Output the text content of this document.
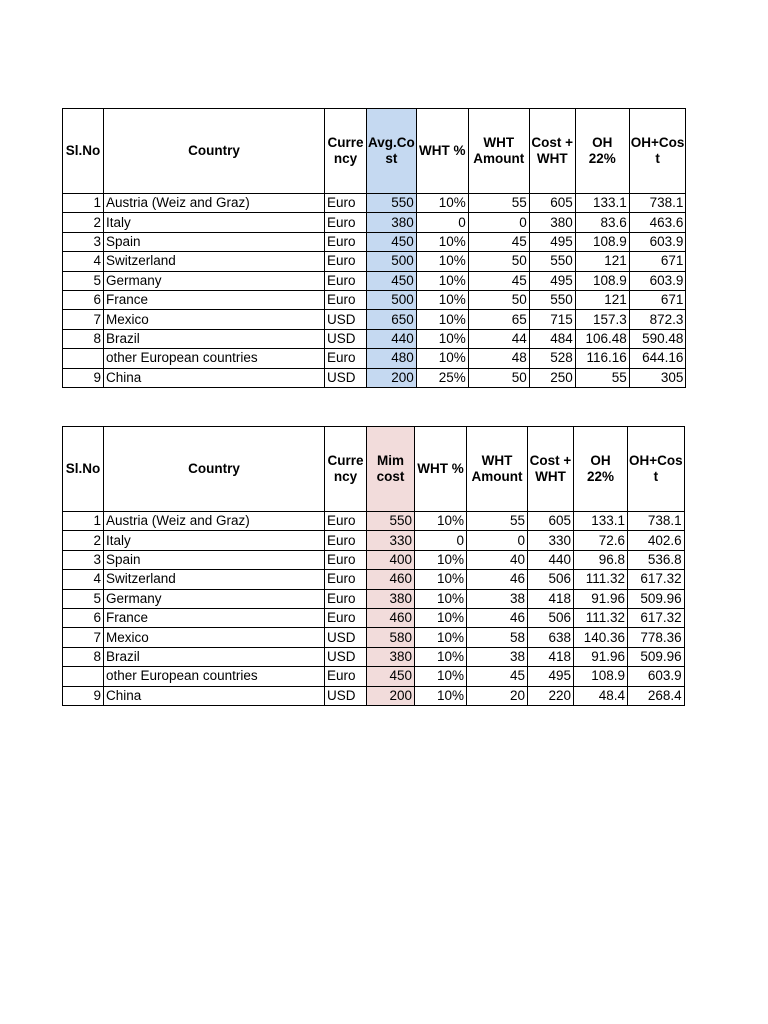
Sl.No	Country	Curre ncy	Avg.Co st	WHT %	WHT Amount	Cost + WHT	OH 22%	OH+Cos t
1	Austria (Weiz and Graz)	Euro	550	10%	55	605	133.1	738.1
2	Italy	Euro	380	0	0	380	83.6	463.6
3	Spain	Euro	450	10%	45	495	108.9	603.9
4	Switzerland	Euro	500	10%	50	550	121	671
5	Germany	Euro	450	10%	45	495	108.9	603.9
6	France	Euro	500	10%	50	550	121	671
7	Mexico	USD	650	10%	65	715	157.3	872.3
8	Brazil	USD	440	10%	44	484	106.48	590.48
	other European countries	Euro	480	10%	48	528	116.16	644.16
9	China	USD	200	25%	50	250	55	305
Sl.No	Country	Curre ncy	Mim cost	WHT %	WHT Amount	Cost + WHT	OH 22%	OH+Cos t
1	Austria (Weiz and Graz)	Euro	550	10%	55	605	133.1	738.1
2	Italy	Euro	330	0	0	330	72.6	402.6
3	Spain	Euro	400	10%	40	440	96.8	536.8
4	Switzerland	Euro	460	10%	46	506	111.32	617.32
5	Germany	Euro	380	10%	38	418	91.96	509.96
6	France	Euro	460	10%	46	506	111.32	617.32
7	Mexico	USD	580	10%	58	638	140.36	778.36
8	Brazil	USD	380	10%	38	418	91.96	509.96
	other European countries	Euro	450	10%	45	495	108.9	603.9
9	China	USD	200	10%	20	220	48.4	268.4
